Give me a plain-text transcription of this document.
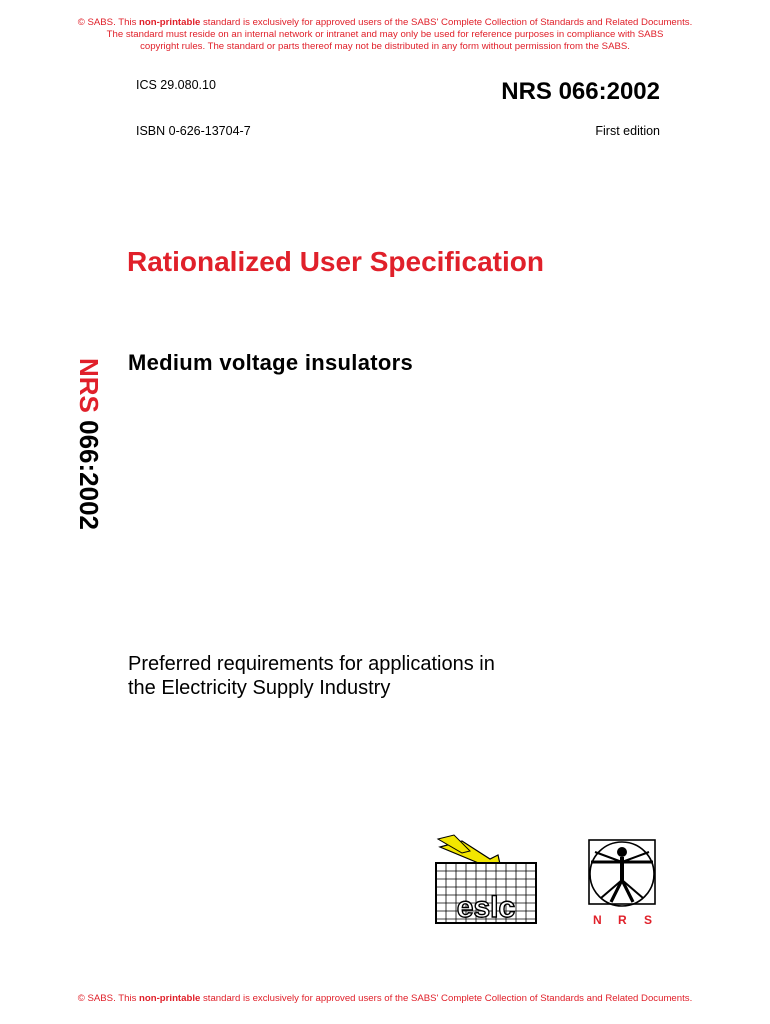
© SABS. This non-printable standard is exclusively for approved users of the SABS' Complete Collection of Standards and Related Documents.
The standard must reside on an internal network or intranet and may only be used for reference purposes in compliance with SABS
copyright rules. The standard or parts thereof may not be distributed in any form without permission from the SABS.
ICS 29.080.10
ISBN 0-626-13704-7
NRS 066:2002
First edition
Rationalized User Specification
NRS 066:2002
Medium voltage insulators
Preferred requirements for applications in
the Electricity Supply Industry
eslc	N R S
© SABS. This non-printable standard is exclusively for approved users of the SABS' Complete Collection of Standards and Related Documents.
